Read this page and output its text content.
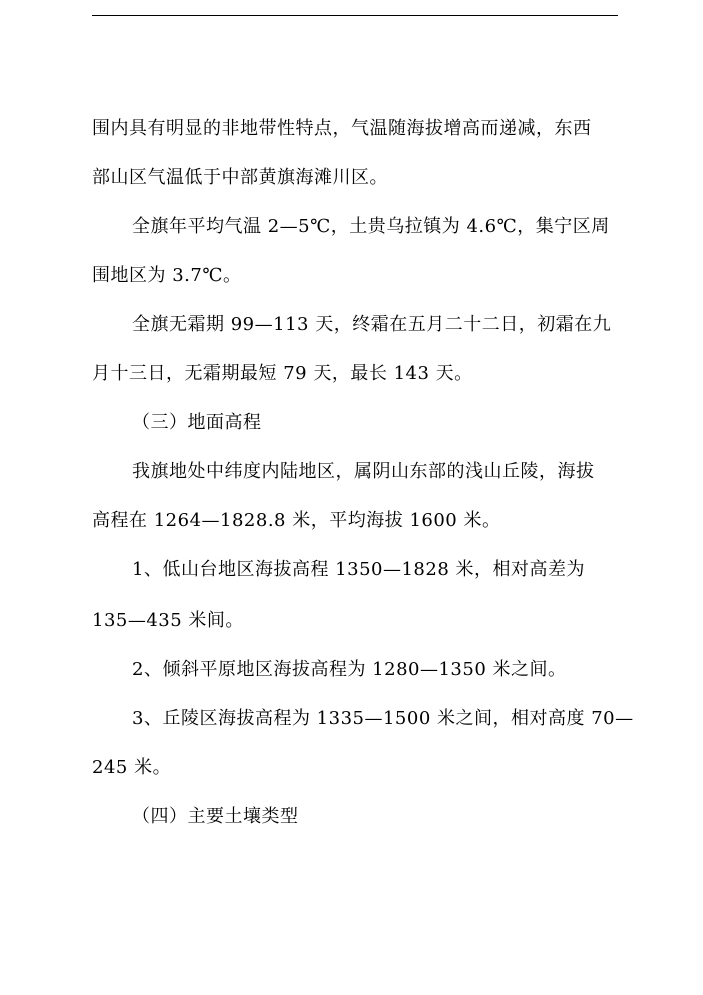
围内具有明显的非地带性特点，气温随海拔增高而递减，东西
部山区气温低于中部黄旗海滩川区。
全旗年平均气温 2—5℃，土贵乌拉镇为 4.6℃，集宁区周
围地区为 3.7℃。
全旗无霜期 99—113 天，终霜在五月二十二日，初霜在九
月十三日，无霜期最短 79 天，最长 143 天。
（三）地面高程
我旗地处中纬度内陆地区，属阴山东部的浅山丘陵，海拔
高程在 1264—1828.8 米，平均海拔 1600 米。
1、低山台地区海拔高程 1350—1828 米，相对高差为
135—435 米间。
2、倾斜平原地区海拔高程为 1280—1350 米之间。
3、丘陵区海拔高程为 1335—1500 米之间，相对高度 70—
245 米。
（四）主要土壤类型
